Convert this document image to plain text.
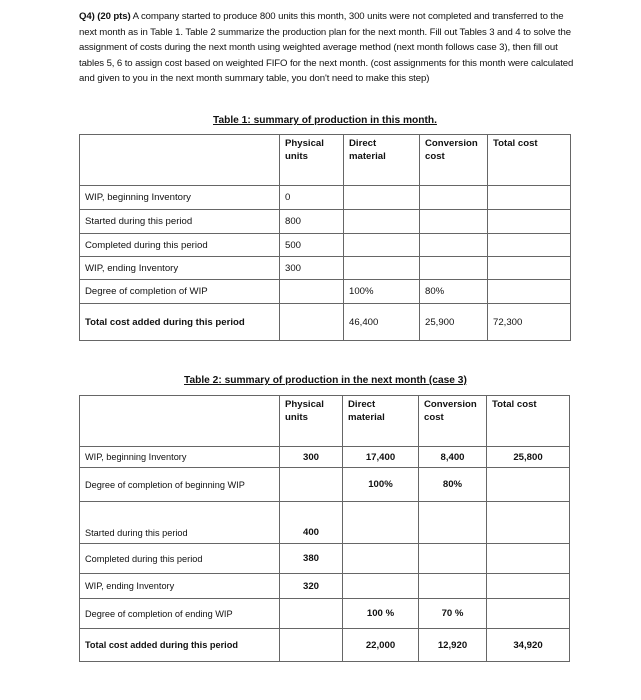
Q4) (20 pts) A company started to produce 800 units this month, 300 units were not completed and transferred to the next month as in Table 1. Table 2 summarize the production plan for the next month. Fill out Tables 3 and 4 to solve the assignment of costs during the next month using weighted average method (next month follows case 3), then fill out tables 5, 6 to assign cost based on weighted FIFO for the next month. (cost assignments for this month were calculated and given to you in the next month summary table, you don't need to make this step)
Table 1: summary of production in this month.
	Physical units	Direct material	Conversion cost	Total cost
WIP, beginning Inventory	0			
Started during this period	800			
Completed during this period	500			
WIP, ending Inventory	300			
Degree of completion of WIP		100%	80%	
Total cost added during this period		46,400	25,900	72,300
Table 2: summary of production in the next month (case 3)
	Physical units	Direct material	Conversion cost	Total cost
WIP, beginning Inventory	300	17,400	8,400	25,800
Degree of completion of beginning WIP		100%	80%	
Started during this period	400			
Completed during this period	380			
WIP, ending Inventory	320			
Degree of completion of ending WIP		100 %	70 %	
Total cost added during this period		22,000	12,920	34,920
